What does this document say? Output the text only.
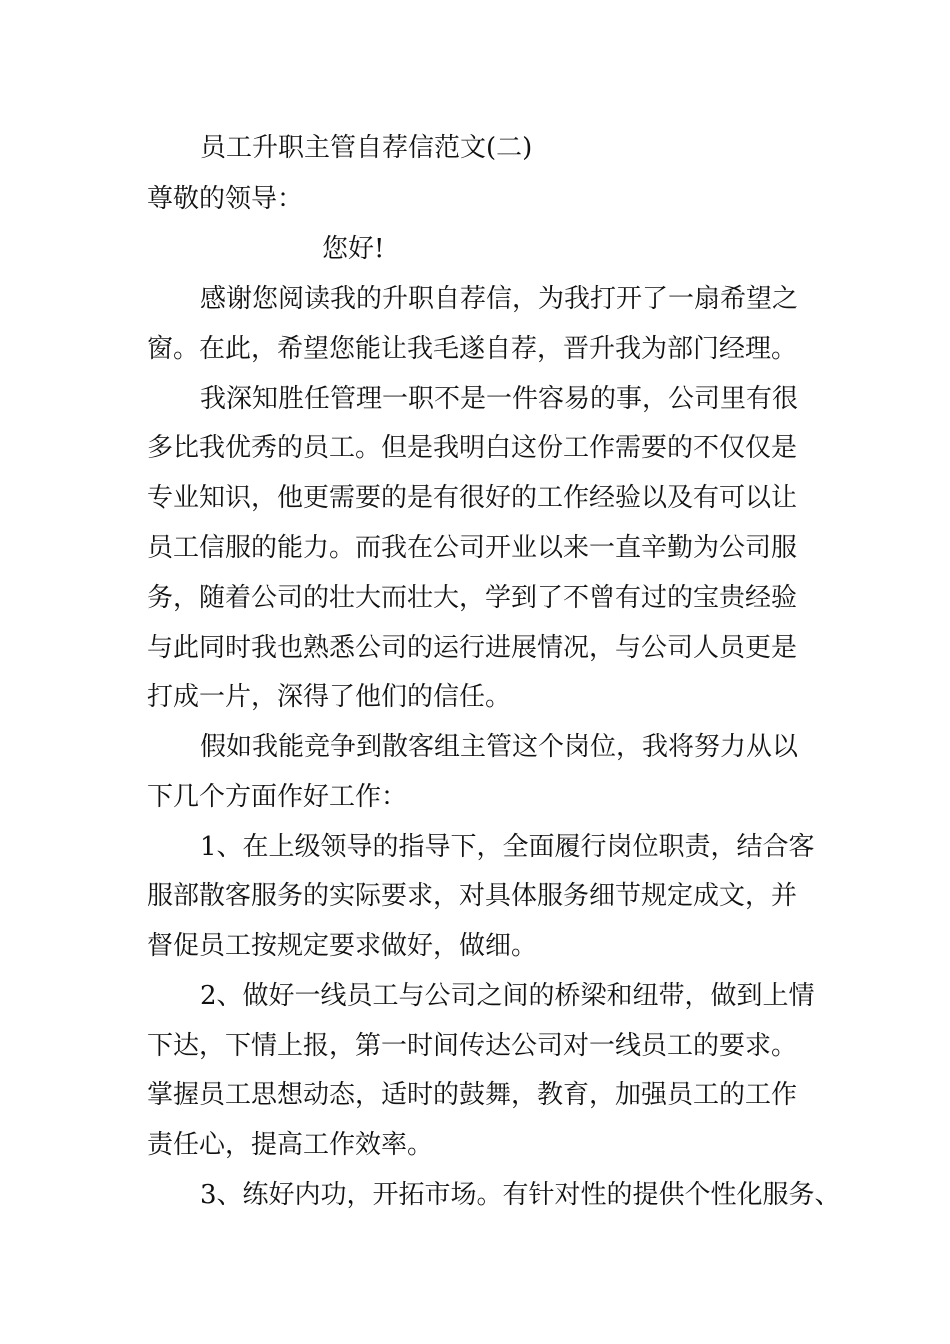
员工升职主管自荐信范文(二)
尊敬的领导：
您好!
感谢您阅读我的升职自荐信，为我打开了一扇希望之
窗。在此，希望您能让我毛遂自荐，晋升我为部门经理。
我深知胜任管理一职不是一件容易的事，公司里有很
多比我优秀的员工。但是我明白这份工作需要的不仅仅是
专业知识，他更需要的是有很好的工作经验以及有可以让
员工信服的能力。而我在公司开业以来一直辛勤为公司服
务，随着公司的壮大而壮大，学到了不曾有过的宝贵经验
与此同时我也熟悉公司的运行进展情况，与公司人员更是
打成一片，深得了他们的信任。
假如我能竞争到散客组主管这个岗位，我将努力从以
下几个方面作好工作：
1、在上级领导的指导下，全面履行岗位职责，结合客
服部散客服务的实际要求，对具体服务细节规定成文，并
督促员工按规定要求做好，做细。
2、做好一线员工与公司之间的桥梁和纽带，做到上情
下达，下情上报，第一时间传达公司对一线员工的要求。
掌握员工思想动态，适时的鼓舞，教育，加强员工的工作
责任心，提高工作效率。
3、练好内功，开拓市场。有针对性的提供个性化服务、
